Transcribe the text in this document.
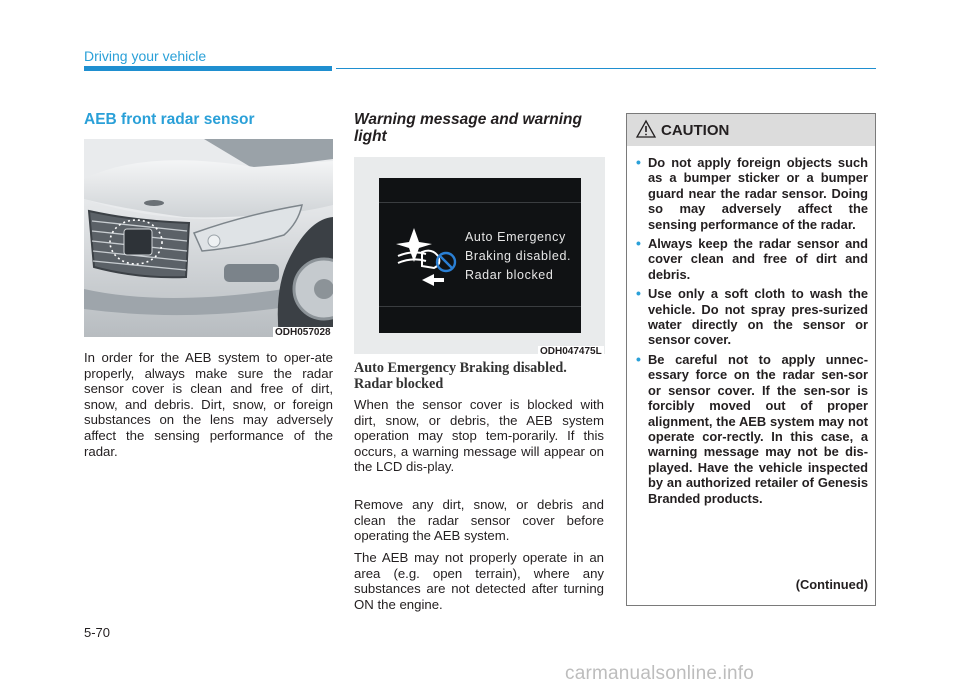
Driving your vehicle
AEB front radar sensor
ODH057028
In order for the AEB system to oper-ate properly, always make sure the radar sensor cover is clean and free of dirt, snow, and debris. Dirt, snow, or foreign substances on the lens may adversely affect the sensing performance of the radar.
Warning message and warning light
Auto Emergency
Braking disabled.
Radar blocked
ODH047475L
Auto Emergency Braking disabled. Radar blocked
When the sensor cover is blocked with dirt, snow, or debris, the AEB system operation may stop tem-porarily. If this occurs, a warning message will appear on the LCD dis-play.
Remove any dirt, snow, or debris and clean the radar sensor cover before operating the AEB system.
The AEB may not properly operate in an area (e.g. open terrain), where any substances are not detected after turning ON the engine.
CAUTION
• Do not apply foreign objects such as a bumper sticker or a bumper guard near the radar sensor. Doing so may adversely affect the sensing performance of the radar.
• Always keep the radar sensor and cover clean and free of dirt and debris.
• Use only a soft cloth to wash the vehicle. Do not spray pres-surized water directly on the sensor or sensor cover.
• Be careful not to apply unnec-essary force on the radar sen-sor or sensor cover. If the sen-sor is forcibly moved out of proper alignment, the AEB system may not operate cor-rectly. In this case, a warning message may not be dis-played. Have the vehicle inspected by an authorized retailer of Genesis Branded products.
(Continued)
5-70
carmanualsonline.info
